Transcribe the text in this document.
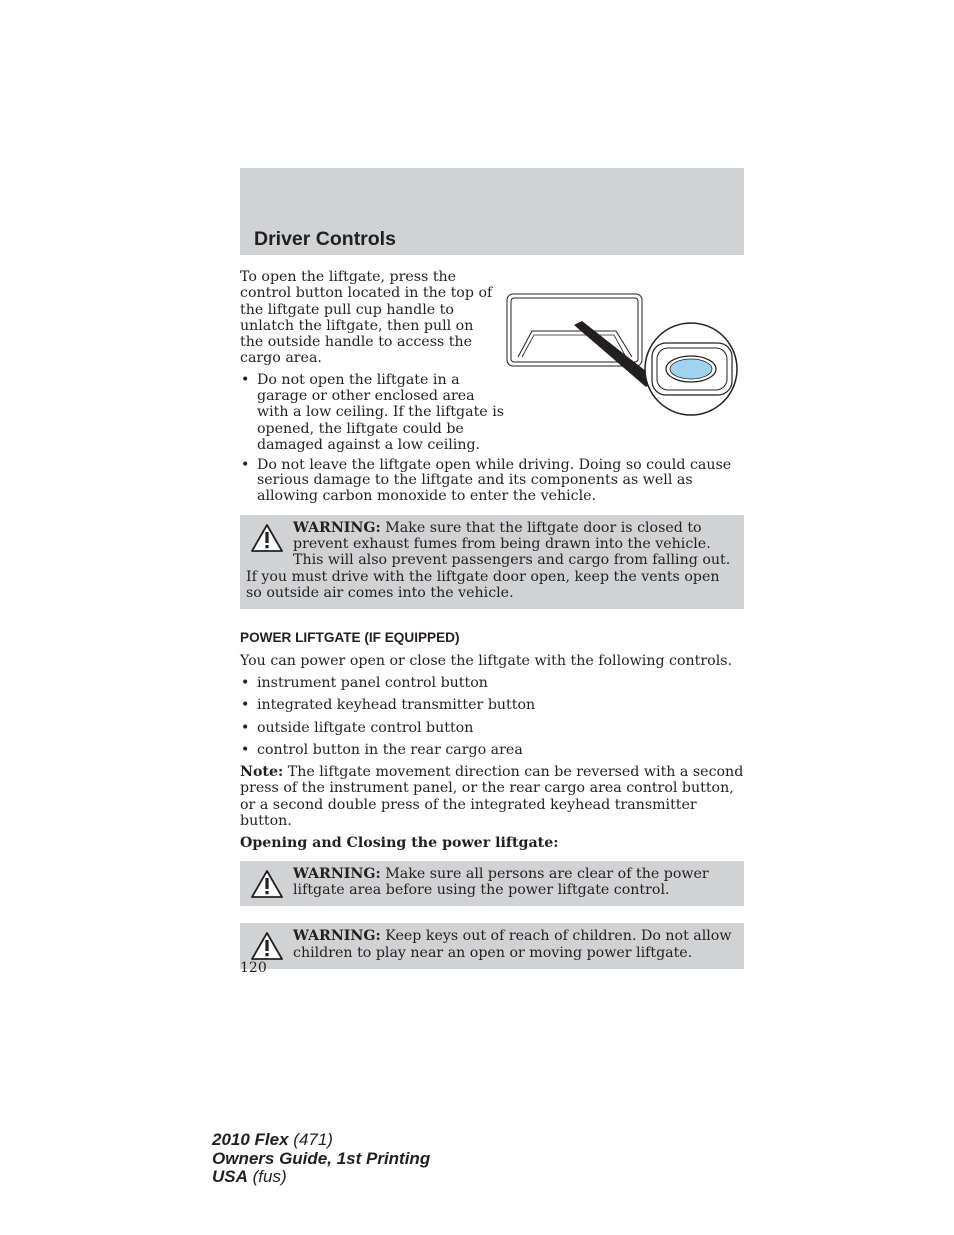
Driver Controls

To open the liftgate, press the control button located in the top of the liftgate pull cup handle to unlatch the liftgate, then pull on the outside handle to access the cargo area.

• Do not open the liftgate in a garage or other enclosed area with a low ceiling. If the liftgate is opened, the liftgate could be damaged against a low ceiling.
• Do not leave the liftgate open while driving. Doing so could cause serious damage to the liftgate and its components as well as allowing carbon monoxide to enter the vehicle.

WARNING: Make sure that the liftgate door is closed to prevent exhaust fumes from being drawn into the vehicle. This will also prevent passengers and cargo from falling out. If you must drive with the liftgate door open, keep the vents open so outside air comes into the vehicle.

POWER LIFTGATE (IF EQUIPPED)

You can power open or close the liftgate with the following controls.

• instrument panel control button
• integrated keyhead transmitter button
• outside liftgate control button
• control button in the rear cargo area

Note: The liftgate movement direction can be reversed with a second press of the instrument panel, or the rear cargo area control button, or a second double press of the integrated keyhead transmitter button.

Opening and Closing the power liftgate:

WARNING: Make sure all persons are clear of the power liftgate area before using the power liftgate control.

WARNING: Keep keys out of reach of children. Do not allow children to play near an open or moving power liftgate.

120
2010 Flex (471)
Owners Guide, 1st Printing
USA (fus)
